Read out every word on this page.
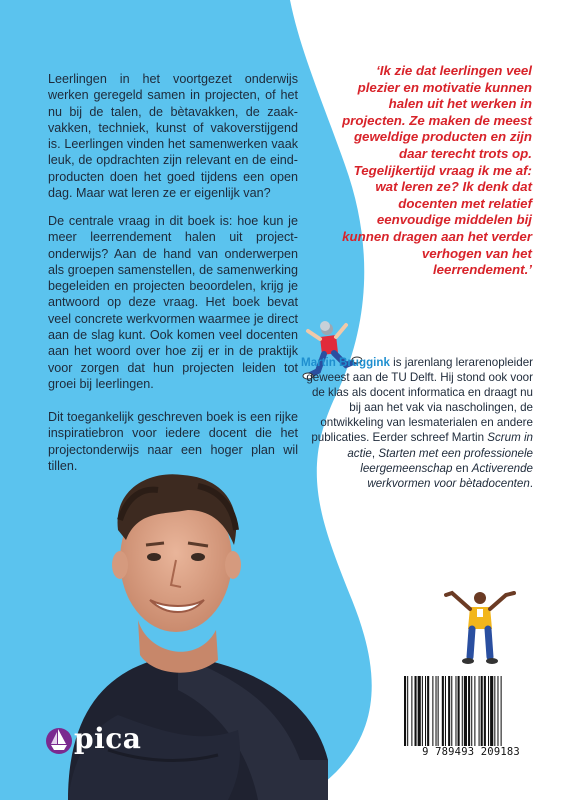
Leerlingen in het voortgezet onderwijs werken geregeld samen in projecten, of het nu bij de talen, de bètavakken, de zaakvakken, techniek, kunst of vakoverstijgend is. Leerlingen vinden het samenwerken vaak leuk, de opdrachten zijn relevant en de eindproducten doen het goed tijdens een open dag. Maar wat leren ze er eigenlijk van?

De centrale vraag in dit boek is: hoe kun je meer leerrendement halen uit projectonderwijs? Aan de hand van onderwerpen als groepen samenstellen, de samenwerking begeleiden en projecten beoordelen, krijg je antwoord op deze vraag. Het boek bevat veel concrete werkvormen waarmee je direct aan de slag kunt. Ook komen veel docenten aan het woord over hoe zij er in de praktijk voor zorgen dat hun projecten leiden tot groei bij leerlingen.

Dit toegankelijk geschreven boek is een rijke inspiratiebron voor iedere docent die het projectonderwijs naar een hoger plan wil tillen.

‘Ik zie dat leerlingen veel plezier en motivatie kunnen halen uit het werken in projecten. Ze maken de meest geweldige producten en zijn daar terecht trots op. Tegelijkertijd vraag ik me af: wat leren ze? Ik denk dat docenten met relatief eenvoudige middelen bij kunnen dragen aan het verder verhogen van het leerrendement.’

Martin Bruggink is jarenlang lerarenopleider geweest aan de TU Delft. Hij stond ook voor de klas als docent informatica en draagt nu bij aan het vak via nascholingen, de ontwikkeling van lesmaterialen en andere publicaties. Eerder schreef Martin Scrum in actie, Starten met een professionele leergemeenschap en Activerende werkvormen voor bètadocenten.

pica	9 789493 209183
